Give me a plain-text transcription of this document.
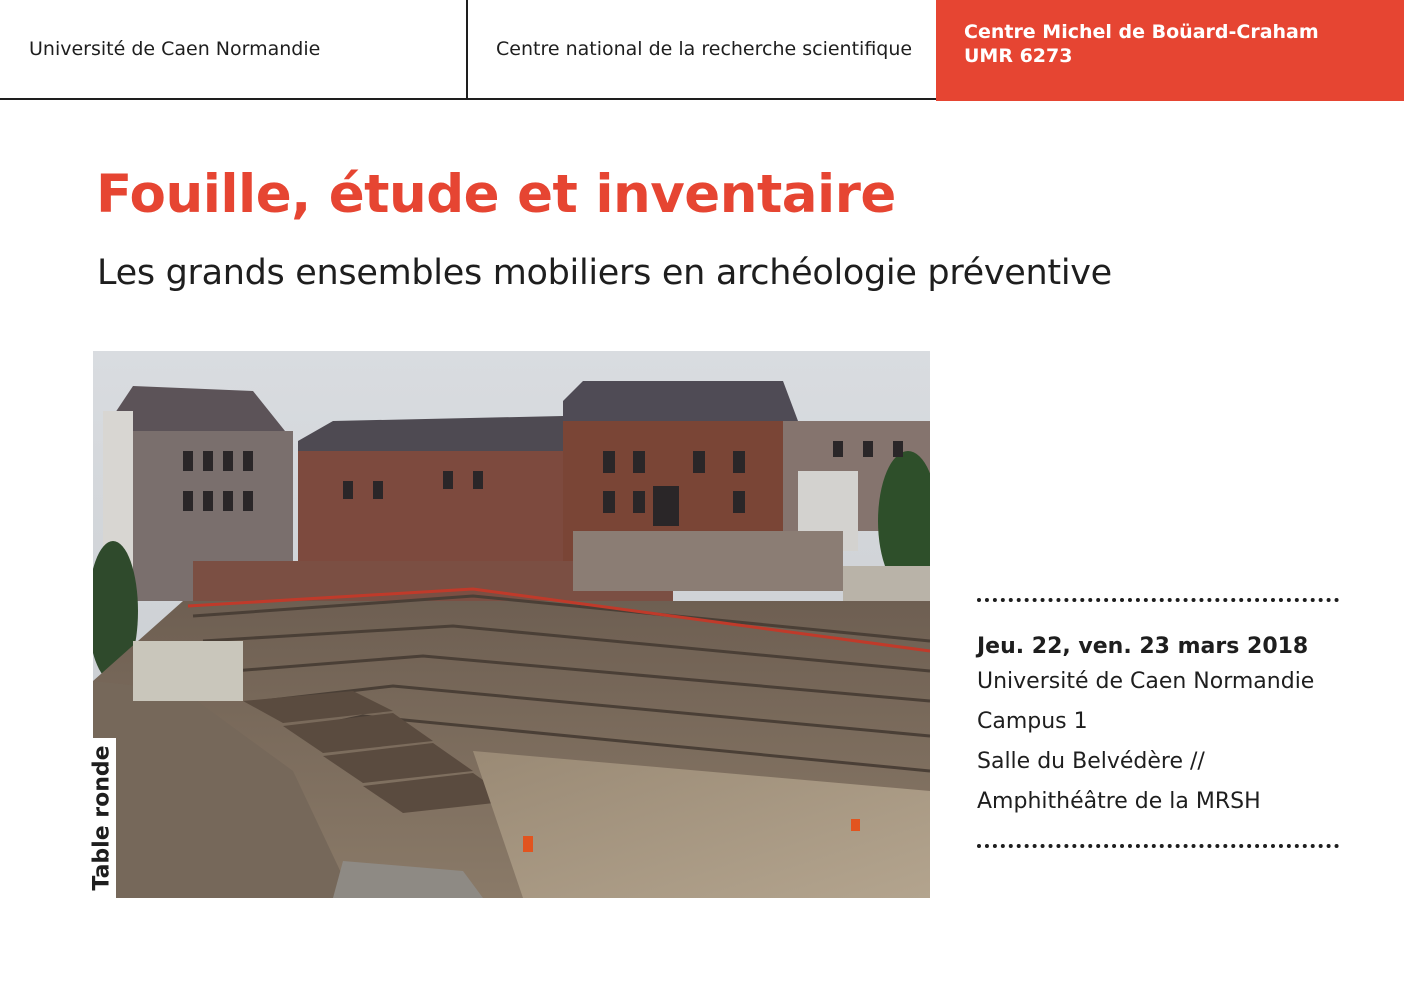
Université de Caen Normandie	Centre national de la recherche scientifique
Centre Michel de Boüard-Craham
UMR 6273
Fouille, étude et inventaire
Les grands ensembles mobiliers en archéologie préventive
Table ronde
Jeu. 22, ven. 23 mars 2018
Université de Caen Normandie
Campus 1
Salle du Belvédère //
Amphithéâtre de la MRSH
